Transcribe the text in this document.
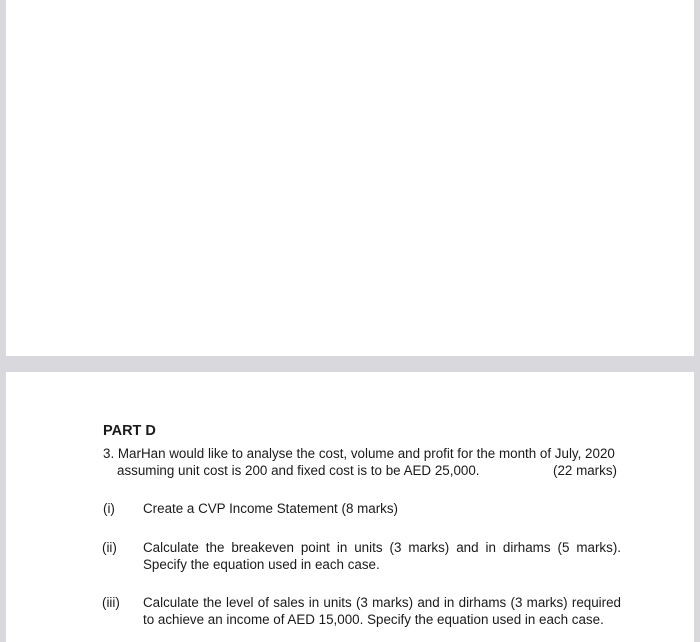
PART D
3. MarHan would like to analyse the cost, volume and profit for the month of July, 2020
assuming unit cost is 200 and fixed cost is to be AED 25,000.	(22 marks)
(i) Create a CVP Income Statement (8 marks)
(ii) Calculate the breakeven point in units (3 marks) and in dirhams (5 marks). Specify the equation used in each case.
(iii) Calculate the level of sales in units (3 marks) and in dirhams (3 marks) required to achieve an income of AED 15,000. Specify the equation used in each case.
